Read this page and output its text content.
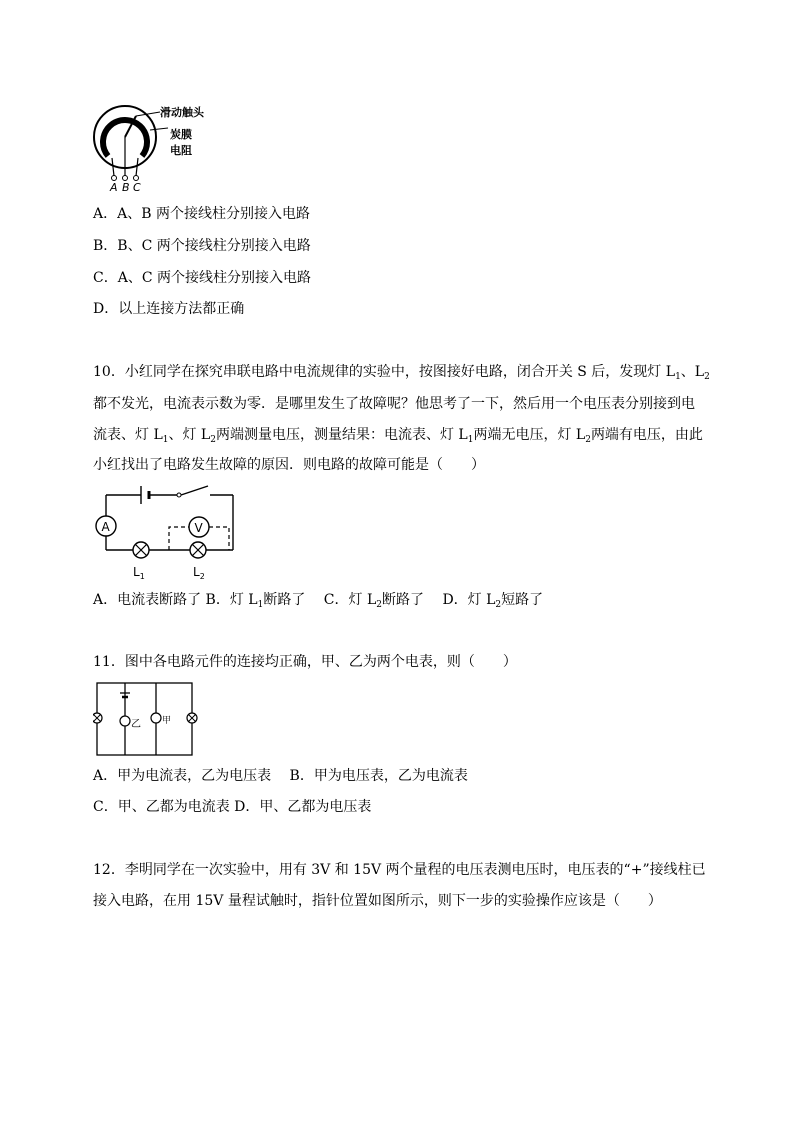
滑动触头
炭膜
电阻
A B C
A．A、B 两个接线柱分别接入电路
B．B、C 两个接线柱分别接入电路
C．A、C 两个接线柱分别接入电路
D．以上连接方法都正确
10．小红同学在探究串联电路中电流规律的实验中，按图接好电路，闭合开关 S 后，发现灯 $L_1$、$L_2$
都不发光，电流表示数为零．是哪里发生了故障呢？他思考了一下，然后用一个电压表分别接到电
流表、灯 $L_1$、灯 $L_2$两端测量电压，测量结果：电流表、灯 $L_1$两端无电压，灯 $L_2$两端有电压，由此
小红找出了电路发生故障的原因．则电路的故障可能是（　　）
A	V
$L_1$	$L_2$
A．电流表断路了 B．灯 $L_1$断路了　 C．灯 $L_2$断路了　 D．灯 $L_2$短路了
11．图中各电路元件的连接均正确，甲、乙为两个电表，则（　　）
乙 甲
A．甲为电流表，乙为电压表　 B．甲为电压表，乙为电流表
C．甲、乙都为电流表 D．甲、乙都为电压表
12．李明同学在一次实验中，用有 3V 和 15V 两个量程的电压表测电压时，电压表的“+”接线柱已
接入电路，在用 15V 量程试触时，指针位置如图所示，则下一步的实验操作应该是（　　）
